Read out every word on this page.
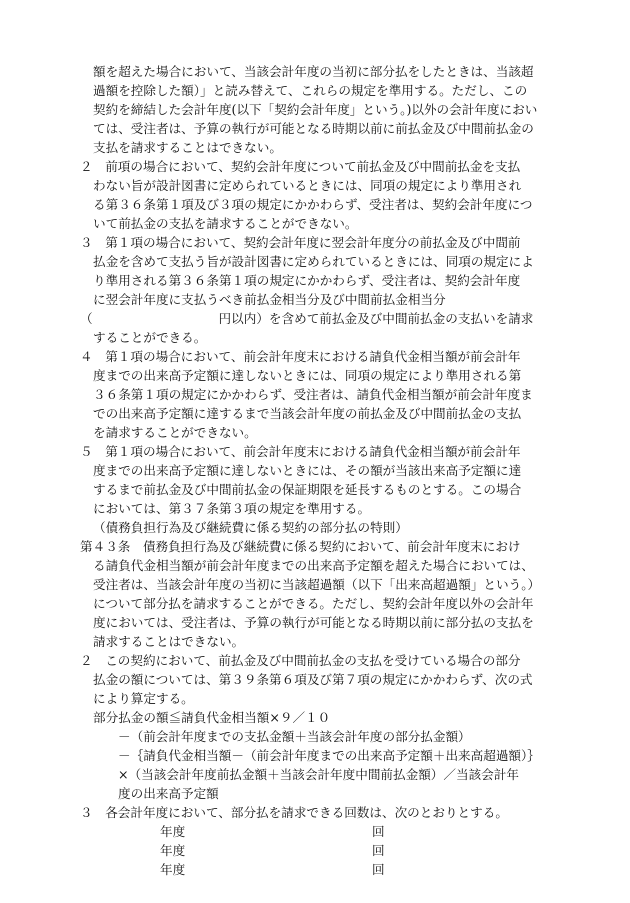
額を超えた場合において、当該会計年度の当初に部分払をしたときは、当該超
過額を控除した額）」と読み替えて、これらの規定を準用する。ただし、この
契約を締結した会計年度(以下「契約会計年度」という。)以外の会計年度におい
ては、受注者は、予算の執行が可能となる時期以前に前払金及び中間前払金の
支払を請求することはできない。
２　前項の場合において、契約会計年度について前払金及び中間前払金を支払
わない旨が設計図書に定められているときには、同項の規定により準用され
る第３６条第１項及び３項の規定にかかわらず、受注者は、契約会計年度につ
いて前払金の支払を請求することができない。
３　第１項の場合において、契約会計年度に翌会計年度分の前払金及び中間前
払金を含めて支払う旨が設計図書に定められているときには、同項の規定によ
り準用される第３６条第１項の規定にかかわらず、受注者は、契約会計年度
に翌会計年度に支払うべき前払金相当分及び中間前払金相当分
（　　　　　　　　　　円以内）を含めて前払金及び中間前払金の支払いを請求
することができる。
４　第１項の場合において、前会計年度末における請負代金相当額が前会計年
度までの出来高予定額に達しないときには、同項の規定により準用される第
３６条第１項の規定にかかわらず、受注者は、請負代金相当額が前会計年度ま
での出来高予定額に達するまで当該会計年度の前払金及び中間前払金の支払
を請求することができない。
５　第１項の場合において、前会計年度末における請負代金相当額が前会計年
度までの出来高予定額に達しないときには、その額が当該出来高予定額に達
するまで前払金及び中間前払金の保証期限を延長するものとする。この場合
においては、第３７条第３項の規定を準用する。
（債務負担行為及び継続費に係る契約の部分払の特則）
第４３条　債務負担行為及び継続費に係る契約において、前会計年度末におけ
る請負代金相当額が前会計年度までの出来高予定額を超えた場合においては、
受注者は、当該会計年度の当初に当該超過額（以下「出来高超過額」という。）
について部分払を請求することができる。ただし、契約会計年度以外の会計年
度においては、受注者は、予算の執行が可能となる時期以前に部分払の支払を
請求することはできない。
２　この契約において、前払金及び中間前払金の支払を受けている場合の部分
払金の額については、第３９条第６項及び第７項の規定にかかわらず、次の式
により算定する。
部分払金の額≦請負代金相当額×９／１０
－（前会計年度までの支払金額＋当該会計年度の部分払金額）
－｛請負代金相当額－（前会計年度までの出来高予定額＋出来高超過額）｝
×（当該会計年度前払金額＋当該会計年度中間前払金額）／当該会計年
度の出来高予定額
３　各会計年度において、部分払を請求できる回数は、次のとおりとする。
年度	回
年度	回
年度	回
